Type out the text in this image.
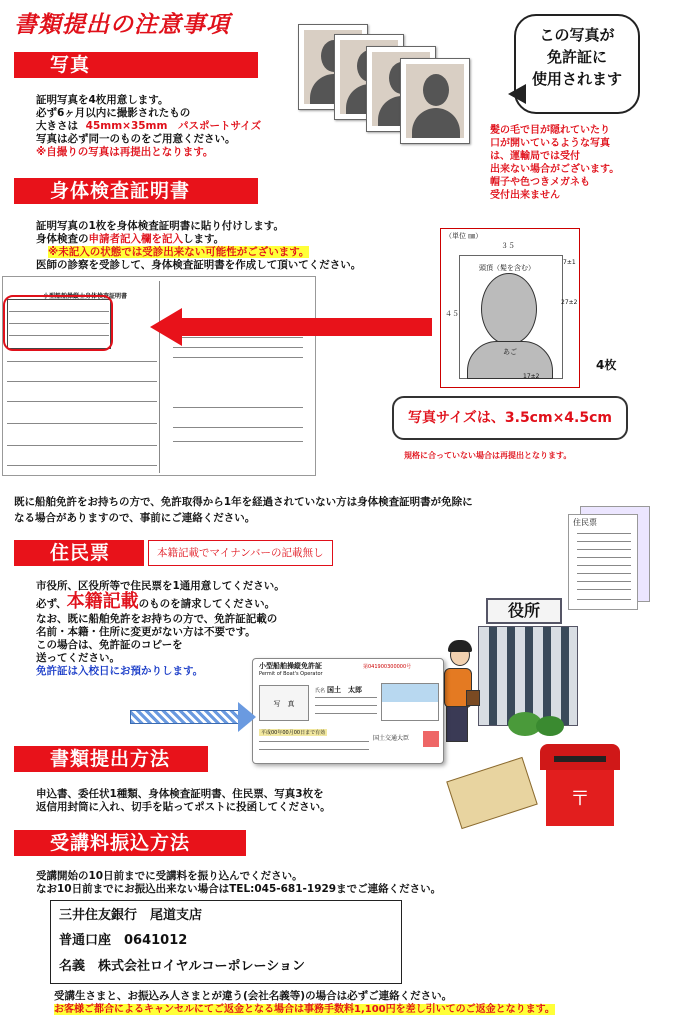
書類提出の注意事項
写真
証明写真を4枚用意します。
必ず6ヶ月以内に撮影されたもの
大きさは 45mm×35mm　パスポートサイズ
写真は必ず同一のものをご用意ください。
※自撮りの写真は再提出となります。
この写真が
免許証に
使用されます
髪の毛で目が隠れていたり
口が開いているような写真
は、運輸局では受付
出来ない場合がございます。
帽子や色つきメガネも
受付出来ません
身体検査証明書
証明写真の1枚を身体検査証明書に貼り付けします。
身体検査の申請者記入欄を記入します。
※未記入の状態では受診出来ない可能性がございます。
医師の診察を受診して、身体検査証明書を作成して頂いてください。
小型船舶操縦士身体検査証明書
（単位 ㎜）
３５
４５
頭頂（髪を含む）
あご
7±1
27±2
17±2
4枚
写真サイズは、3.5cm×4.5cm
規格に合っていない場合は再提出となります。
既に船舶免許をお持ちの方で、免許取得から1年を経過されていない方は身体検査証明書が免除に
なる場合がありますので、事前にご連絡ください。
住民票	本籍記載でマイナンバーの記載無し
市役所、区役所等で住民票を1通用意してください。
必ず、本籍記載のものを請求してください。
なお、既に船舶免許をお持ちの方で、免許証記載の
名前・本籍・住所に変更がない方は不要です。
この場合は、免許証のコピーを
送ってください。
免許証は入校日にお預かりします。
住民票
役所
小型船舶操縦免許証
Permit of Boat's Operator
第041900300000号
写　真
氏名 国土　太郎
平成00年00月00日まで有効
国土交通大臣
〒
書類提出方法
申込書、委任状1種類、身体検査証明書、住民票、写真3枚を
返信用封筒に入れ、切手を貼ってポストに投函してください。
受講料振込方法
受講開始の10日前までに受講料を振り込んでください。
なお10日前までにお振込出来ない場合はTEL:045-681-1929までご連絡ください。
三井住友銀行　尾道支店
普通口座　0641012
名義　株式会社ロイヤルコーポレーション
受講生さまと、お振込み人さまとが違う(会社名義等)の場合は必ずご連絡ください。
お客様ご都合によるキャンセルにてご返金となる場合は事務手数料1,100円を差し引いてのご返金となります。
